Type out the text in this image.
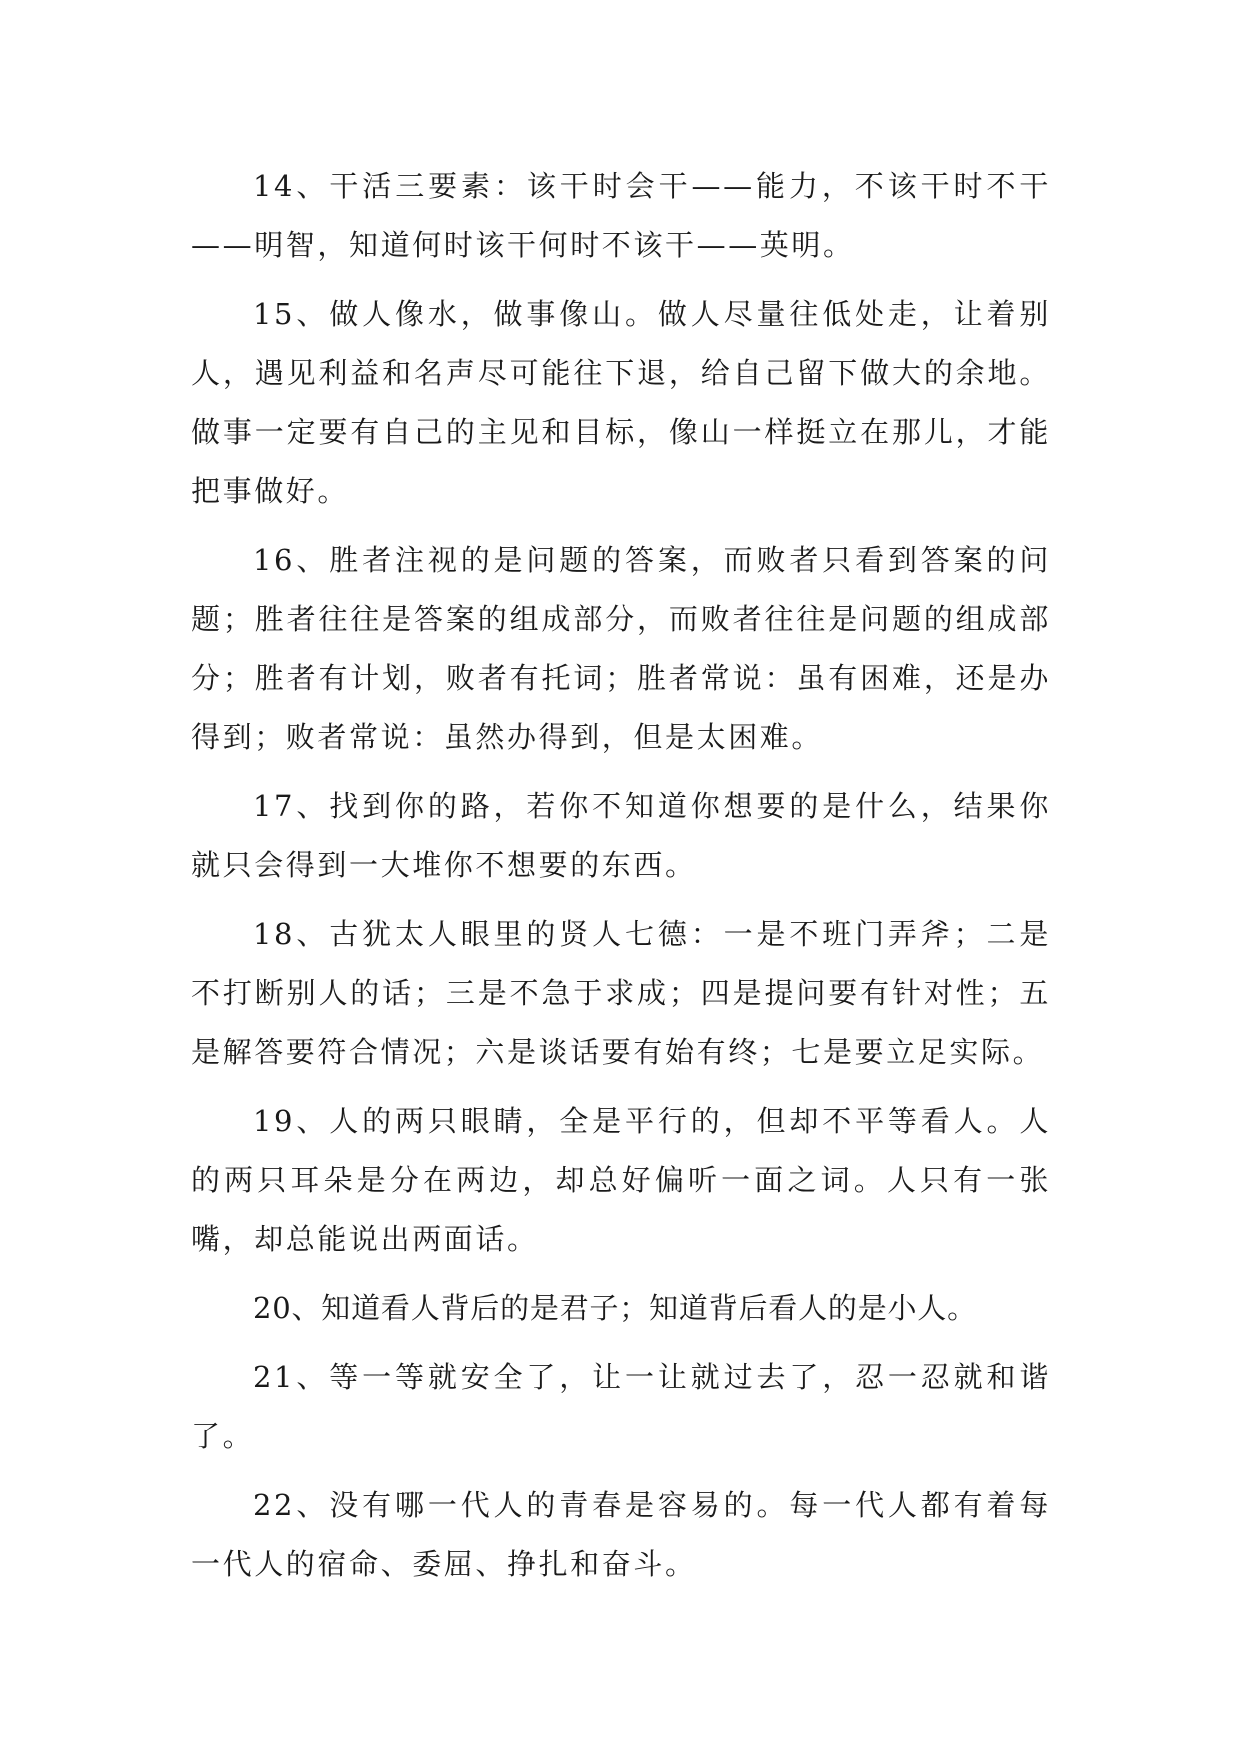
14、干活三要素：该干时会干——能力，不该干时不干——明智，知道何时该干何时不该干——英明。

15、做人像水，做事像山。做人尽量往低处走，让着别人，遇见利益和名声尽可能往下退，给自己留下做大的余地。做事一定要有自己的主见和目标，像山一样挺立在那儿，才能把事做好。

16、胜者注视的是问题的答案，而败者只看到答案的问题；胜者往往是答案的组成部分，而败者往往是问题的组成部分；胜者有计划，败者有托词；胜者常说：虽有困难，还是办得到；败者常说：虽然办得到，但是太困难。

17、找到你的路，若你不知道你想要的是什么，结果你就只会得到一大堆你不想要的东西。

18、古犹太人眼里的贤人七德：一是不班门弄斧；二是不打断别人的话；三是不急于求成；四是提问要有针对性；五是解答要符合情况；六是谈话要有始有终；七是要立足实际。

19、人的两只眼睛，全是平行的，但却不平等看人。人的两只耳朵是分在两边，却总好偏听一面之词。人只有一张嘴，却总能说出两面话。

20、知道看人背后的是君子；知道背后看人的是小人。

21、等一等就安全了，让一让就过去了，忍一忍就和谐了。

22、没有哪一代人的青春是容易的。每一代人都有着每一代人的宿命、委屈、挣扎和奋斗。
